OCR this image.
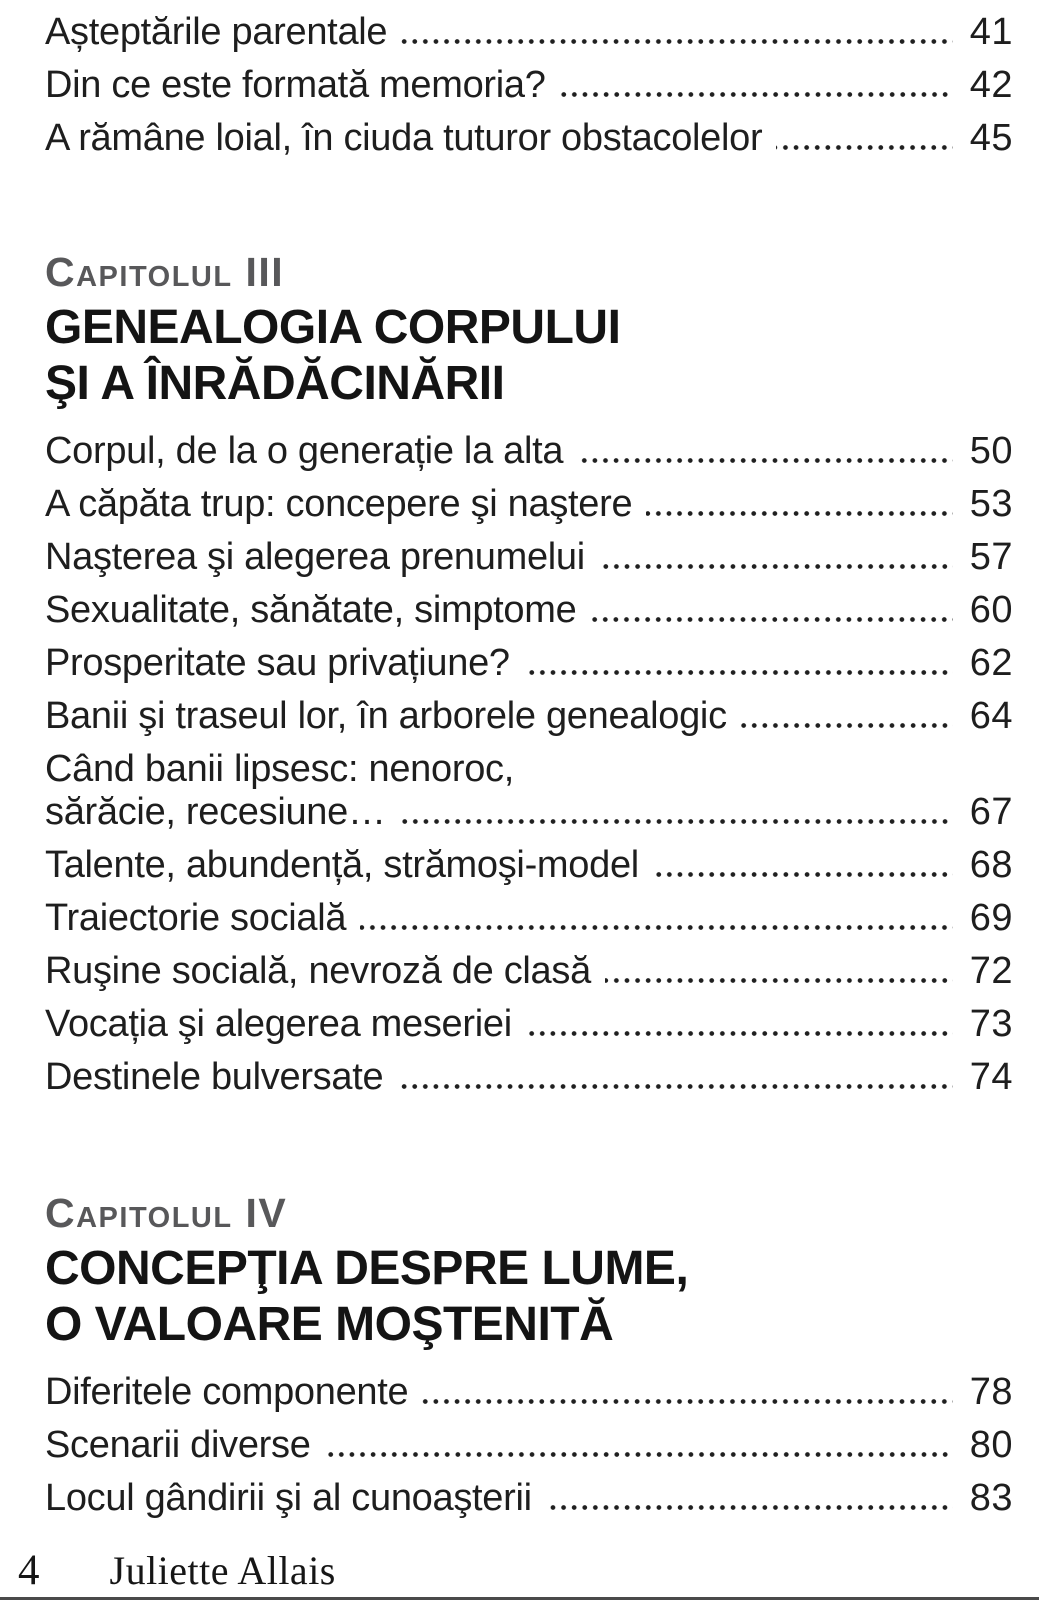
Așteptările parentale	41
Din ce este formată memoria?	42
A rămâne loial, în ciuda tuturor obstacolelor	45
Capitolul III
GENEALOGIA CORPULUI
ŞI A ÎNRĂDĂCINĂRII
Corpul, de la o generație la alta	50
A căpăta trup: concepere şi naştere	53
Naşterea şi alegerea prenumelui	57
Sexualitate, sănătate, simptome	60
Prosperitate sau privațiune?	62
Banii şi traseul lor, în arborele genealogic	64
Când banii lipsesc: nenoroc,
sărăcie, recesiune…	67
Talente, abundență, strămoşi-model	68
Traiectorie socială	69
Ruşine socială, nevroză de clasă	72
Vocația şi alegerea meseriei	73
Destinele bulversate	74
Capitolul IV
CONCEPŢIA DESPRE LUME,
O VALOARE MOŞTENITĂ
Diferitele componente	78
Scenarii diverse	80
Locul gândirii şi al cunoaşterii	83
4 Juliette Allais
